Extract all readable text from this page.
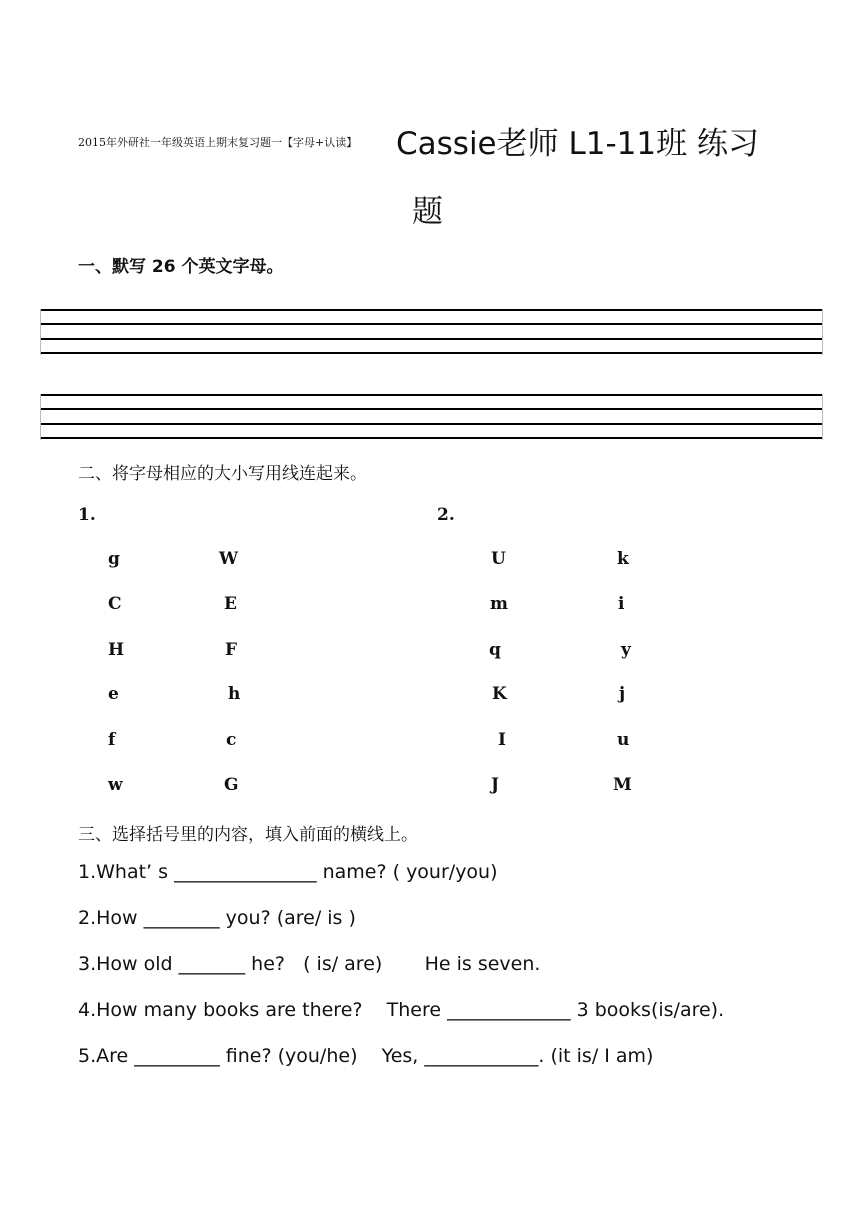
2015年外研社一年级英语上期末复习题一【字母+认读】 Cassie老师 L1-11班 练习
题
一、默写 26 个英文字母。
二、将字母相应的大小写用线连起来。
1.	2.
g
C
H
e
f
w
W
E
F
h
c
G
U
m
q
K
I
J
k
i
y
j
u
M
三、选择括号里的内容，填入前面的横线上。
1.What’ s _______________ name? ( your/you)
2.How ________ you? (are/ is )
3.How old _______ he?   ( is/ are)       He is seven.
4.How many books are there?    There _____________ 3 books(is/are).
5.Are _________ fine? (you/he)    Yes, ____________. (it is/ I am)
